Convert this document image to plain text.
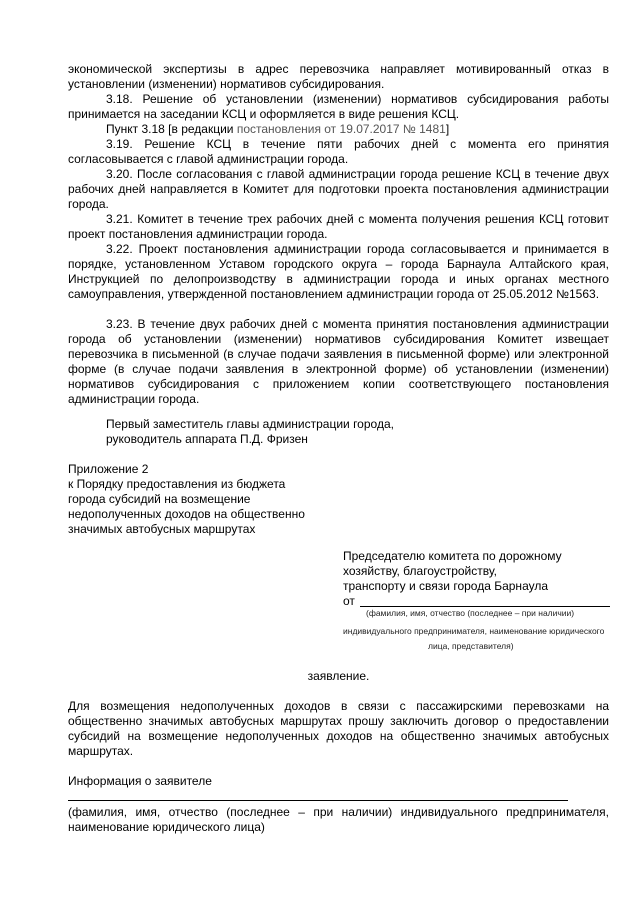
экономической экспертизы в адрес перевозчика направляет мотивированный отказ в установлении (изменении) нормативов субсидирования.
3.18. Решение об установлении (изменении) нормативов субсидирования работы принимается на заседании КСЦ и оформляется в виде решения КСЦ.
Пункт 3.18 [в редакции постановления от 19.07.2017 № 1481]
3.19. Решение КСЦ в течение пяти рабочих дней с момента его принятия согласовывается с главой администрации города.
3.20. После согласования с главой администрации города решение КСЦ в течение двух рабочих дней направляется в Комитет для подготовки проекта постановления администрации города.
3.21. Комитет в течение трех рабочих дней с момента получения решения КСЦ готовит проект постановления администрации города.
3.22. Проект постановления администрации города согласовывается и принимается в порядке, установленном Уставом городского округа – города Барнаула Алтайского края, Инструкцией по делопроизводству в администрации города и иных органах местного самоуправления, утвержденной постановлением администрации города от 25.05.2012 №1563.
3.23. В течение двух рабочих дней с момента принятия постановления администрации города об установлении (изменении) нормативов субсидирования Комитет извещает перевозчика в письменной (в случае подачи заявления в письменной форме) или электронной форме (в случае подачи заявления в электронной форме) об установлении (изменении) нормативов субсидирования с приложением копии соответствующего постановления администрации города.
Первый заместитель главы администрации города,
руководитель аппарата П.Д. Фризен
Приложение 2
к Порядку предоставления из бюджета
города субсидий на возмещение
недополученных доходов на общественно
значимых автобусных маршрутах
Председателю комитета по дорожному
хозяйству, благоустройству,
транспорту и связи города Барнаула
от
(фамилия, имя, отчество (последнее – при наличии)
индивидуального предпринимателя, наименование юридического
лица, представителя)
заявление.
Для возмещения недополученных доходов в связи с пассажирскими перевозками на общественно значимых автобусных маршрутах прошу заключить договор о предоставлении субсидий на возмещение недополученных доходов на общественно значимых автобусных маршрутах.
Информация о заявителе
(фамилия, имя, отчество (последнее – при наличии) индивидуального предпринимателя, наименование юридического лица)
